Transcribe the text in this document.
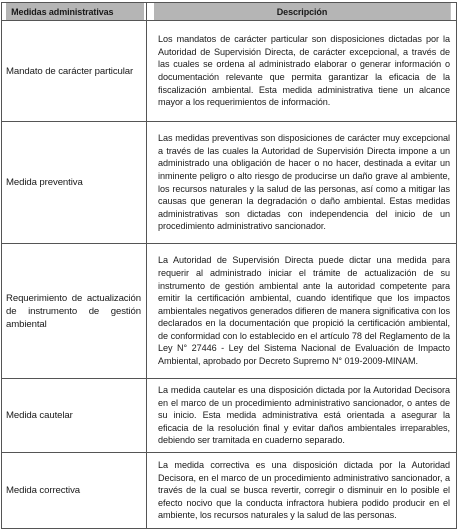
Medidas administrativas	Descripción
Mandato de carácter particular	Los mandatos de carácter particular son disposiciones dictadas por la Autoridad de Supervisión Directa, de carácter excepcional, a través de las cuales se ordena al administrado elaborar o generar información o documentación relevante que permita garantizar la eficacia de la fiscalización ambiental. Esta medida administrativa tiene un alcance mayor a los requerimientos de información.
Medida preventiva	Las medidas preventivas son disposiciones de carácter muy excepcional a través de las cuales la Autoridad de Supervisión Directa impone a un administrado una obligación de hacer o no hacer, destinada a evitar un inminente peligro o alto riesgo de producirse un daño grave al ambiente, los recursos naturales y la salud de las personas, así como a mitigar las causas que generan la degradación o daño ambiental. Estas medidas administrativas son dictadas con independencia del inicio de un procedimiento administrativo sancionador.
Requerimiento de actualización de instrumento de gestión ambiental	La Autoridad de Supervisión Directa puede dictar una medida para requerir al administrado iniciar el trámite de actualización de su instrumento de gestión ambiental ante la autoridad competente para emitir la certificación ambiental, cuando identifique que los impactos ambientales negativos generados difieren de manera significativa con los declarados en la documentación que propició la certificación ambiental, de conformidad con lo establecido en el artículo 78 del Reglamento de la Ley N° 27446 - Ley del Sistema Nacional de Evaluación de Impacto Ambiental, aprobado por Decreto Supremo N° 019-2009-MINAM.
Medida cautelar	La medida cautelar es una disposición dictada por la Autoridad Decisora en el marco de un procedimiento administrativo sancionador, o antes de su inicio. Esta medida administrativa está orientada a asegurar la eficacia de la resolución final y evitar daños ambientales irreparables, debiendo ser tramitada en cuaderno separado.
Medida correctiva	La medida correctiva es una disposición dictada por la Autoridad Decisora, en el marco de un procedimiento administrativo sancionador, a través de la cual se busca revertir, corregir o disminuir en lo posible el efecto nocivo que la conducta infractora hubiera podido producir en el ambiente, los recursos naturales y la salud de las personas.
